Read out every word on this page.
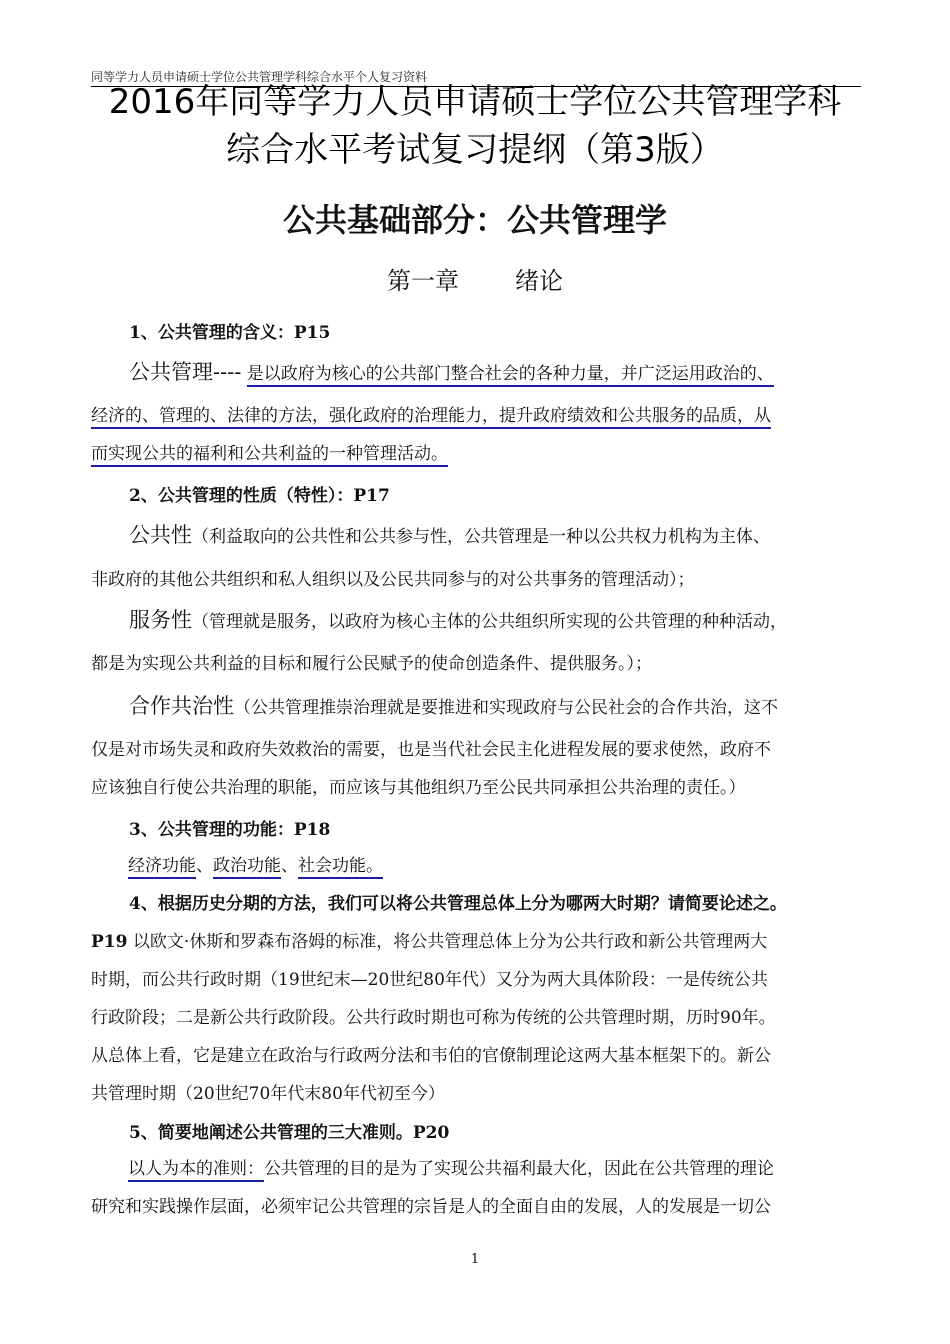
同等学力人员申请硕士学位公共管理学科综合水平个人复习资料
2016年同等学力人员申请硕士学位公共管理学科
综合水平考试复习提纲（第3版）
公共基础部分：公共管理学
第一章 绪论
1、公共管理的含义：P15
公共管理---- 是以政府为核心的公共部门整合社会的各种力量，并广泛运用政治的、
经济的、管理的、法律的方法，强化政府的治理能力，提升政府绩效和公共服务的品质，从
而实现公共的福利和公共利益的一种管理活动。
2、公共管理的性质（特性）：P17
公共性（利益取向的公共性和公共参与性，公共管理是一种以公共权力机构为主体、
非政府的其他公共组织和私人组织以及公民共同参与的对公共事务的管理活动）；
服务性（管理就是服务，以政府为核心主体的公共组织所实现的公共管理的种种活动，
都是为实现公共利益的目标和履行公民赋予的使命创造条件、提供服务。）；
合作共治性（公共管理推崇治理就是要推进和实现政府与公民社会的合作共治，这不
仅是对市场失灵和政府失效救治的需要，也是当代社会民主化进程发展的要求使然，政府不
应该独自行使公共治理的职能，而应该与其他组织乃至公民共同承担公共治理的责任。）
3、公共管理的功能：P18
经济功能、政治功能、社会功能。
4、根据历史分期的方法，我们可以将公共管理总体上分为哪两大时期？请简要论述之。
P19 以欧文·休斯和罗森布洛姆的标准，将公共管理总体上分为公共行政和新公共管理两大
时期，而公共行政时期（19世纪末—20世纪80年代）又分为两大具体阶段：一是传统公共
行政阶段；二是新公共行政阶段。公共行政时期也可称为传统的公共管理时期，历时90年。
从总体上看，它是建立在政治与行政两分法和韦伯的官僚制理论这两大基本框架下的。新公
共管理时期（20世纪70年代末80年代初至今）
5、简要地阐述公共管理的三大准则。P20
以人为本的准则：公共管理的目的是为了实现公共福利最大化，因此在公共管理的理论
研究和实践操作层面，必须牢记公共管理的宗旨是人的全面自由的发展，人的发展是一切公
1
